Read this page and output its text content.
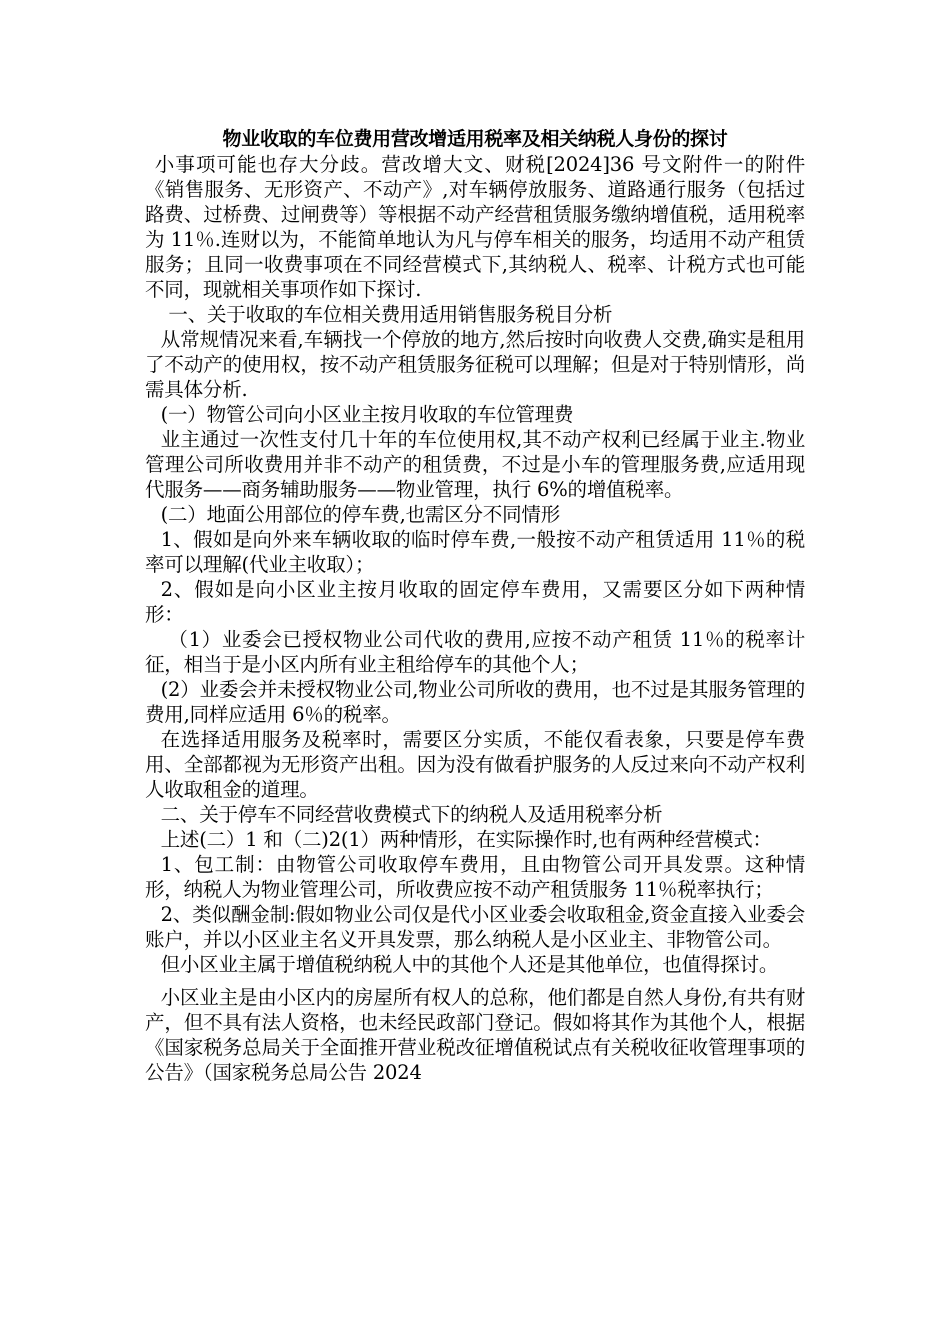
物业收取的车位费用营改增适用税率及相关纳税人身份的探讨

小事项可能也存大分歧。营改增大文、财税[2024]36 号文附件一的附件《销售服务、无形资产、不动产》,对车辆停放服务、道路通行服务（包括过路费、过桥费、过闸费等）等根据不动产经营租赁服务缴纳增值税，适用税率为 11％.连财以为，不能简单地认为凡与停车相关的服务，均适用不动产租赁服务；且同一收费事项在不同经营模式下,其纳税人、税率、计税方式也可能不同，现就相关事项作如下探讨.

一、关于收取的车位相关费用适用销售服务税目分析

从常规情况来看,车辆找一个停放的地方,然后按时向收费人交费,确实是租用了不动产的使用权，按不动产租赁服务征税可以理解；但是对于特别情形，尚需具体分析.

(一）物管公司向小区业主按月收取的车位管理费

业主通过一次性支付几十年的车位使用权,其不动产权利已经属于业主.物业管理公司所收费用并非不动产的租赁费，不过是小车的管理服务费,应适用现代服务——商务辅助服务——物业管理，执行 6%的增值税率。

(二）地面公用部位的停车费,也需区分不同情形

1、假如是向外来车辆收取的临时停车费,一般按不动产租赁适用 11％的税率可以理解(代业主收取）；

2、假如是向小区业主按月收取的固定停车费用，又需要区分如下两种情形：

（1）业委会已授权物业公司代收的费用,应按不动产租赁 11％的税率计征，相当于是小区内所有业主租给停车的其他个人；

(2）业委会并未授权物业公司,物业公司所收的费用，也不过是其服务管理的费用,同样应适用 6％的税率。

在选择适用服务及税率时，需要区分实质，不能仅看表象，只要是停车费用、全部都视为无形资产出租。因为没有做看护服务的人反过来向不动产权利人收取租金的道理。

二、关于停车不同经营收费模式下的纳税人及适用税率分析

上述(二）1 和（二)2(1）两种情形，在实际操作时,也有两种经营模式：

1、包工制：由物管公司收取停车费用，且由物管公司开具发票。这种情形，纳税人为物业管理公司，所收费应按不动产租赁服务 11％税率执行；

2、类似酬金制:假如物业公司仅是代小区业委会收取租金,资金直接入业委会账户，并以小区业主名义开具发票，那么纳税人是小区业主、非物管公司。

但小区业主属于增值税纳税人中的其他个人还是其他单位，也值得探讨。

小区业主是由小区内的房屋所有权人的总称，他们都是自然人身份,有共有财产，但不具有法人资格，也未经民政部门登记。假如将其作为其他个人，根据《国家税务总局关于全面推开营业税改征增值税试点有关税收征收管理事项的公告》（国家税务总局公告 2024
